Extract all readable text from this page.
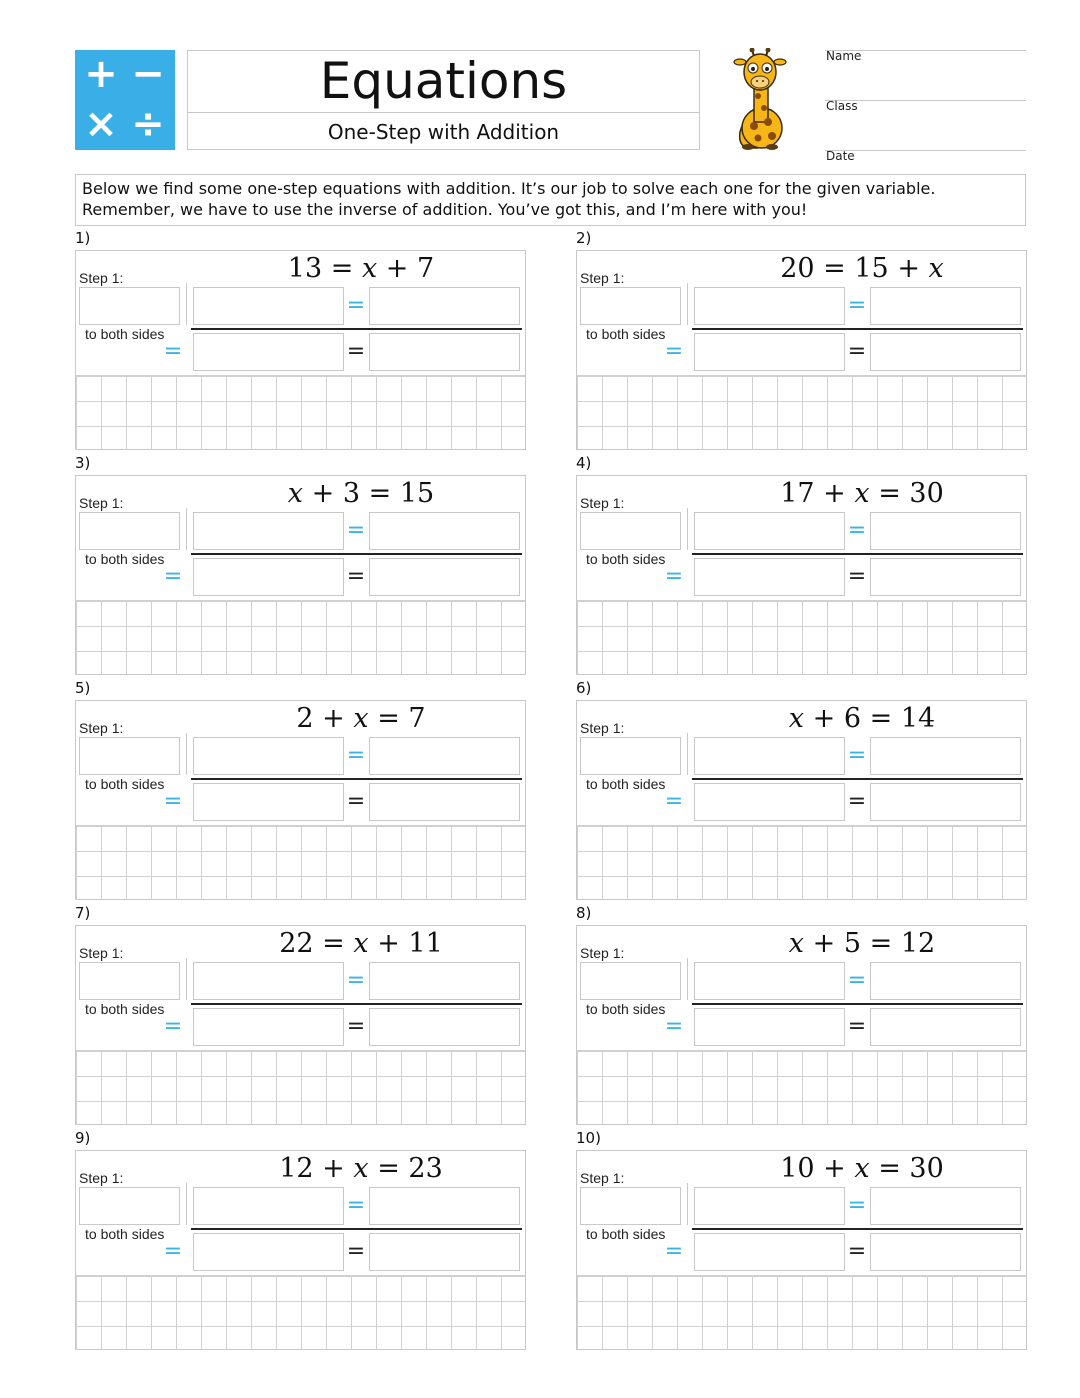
+ −
× ÷
Equations
One-Step with Addition
Name
Class
Date
Below we find some one-step equations with addition. It’s our job to solve each one for the given variable. Remember, we have to use the inverse of addition. You’ve got this, and I’m here with you!
1)
13 = x + 7
Step 1:
to both sides
=
=
=
2)
20 = 15 + x
Step 1:
to both sides
=
=
=
3)
x + 3 = 15
Step 1:
to both sides
=
=
=
4)
17 + x = 30
Step 1:
to both sides
=
=
=
5)
2 + x = 7
Step 1:
to both sides
=
=
=
6)
x + 6 = 14
Step 1:
to both sides
=
=
=
7)
22 = x + 11
Step 1:
to both sides
=
=
=
8)
x + 5 = 12
Step 1:
to both sides
=
=
=
9)
12 + x = 23
Step 1:
to both sides
=
=
=
10)
10 + x = 30
Step 1:
to both sides
=
=
=
